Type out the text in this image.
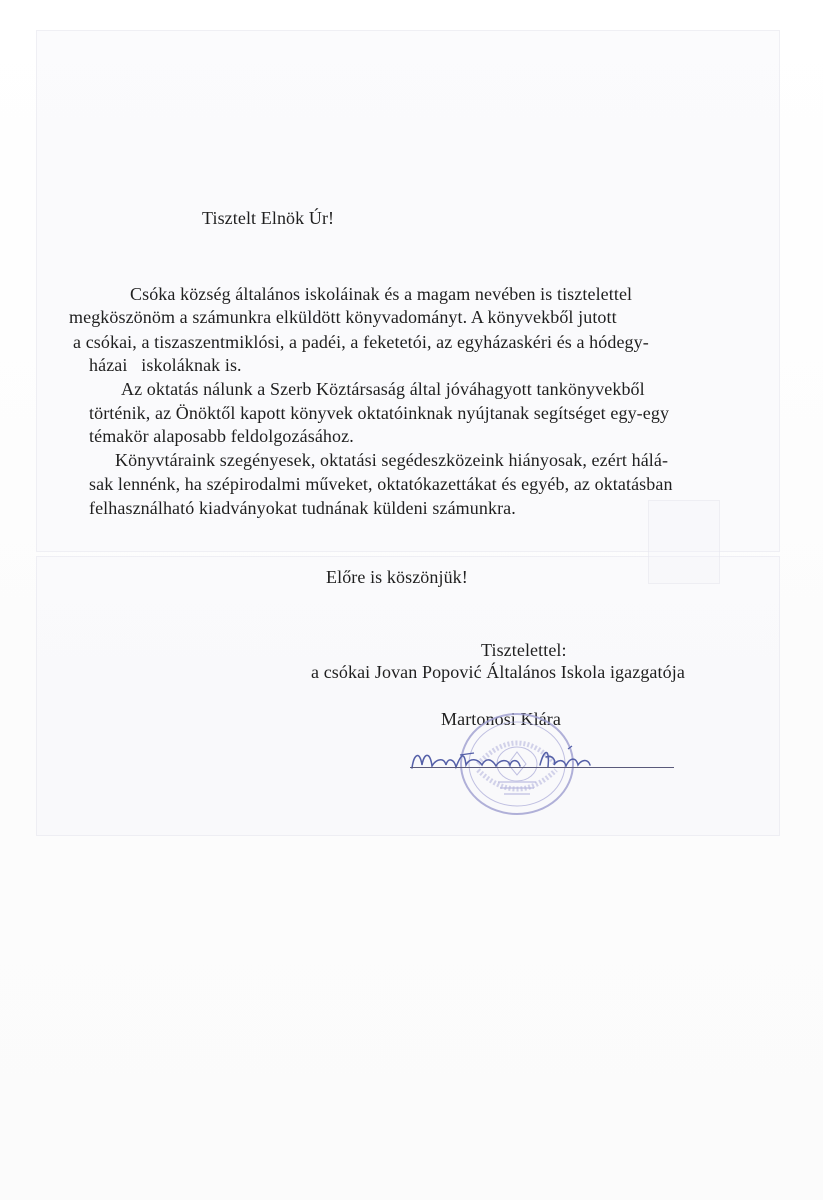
Tisztelt Elnök Úr!
Csóka község általános iskoláinak és a magam nevében is tisztelettel
megköszönöm a számunkra elküldött könyvadományt. A könyvekből jutott
a csókai, a tiszaszentmiklósi, a padéi, a feketetói, az egyházaskéri és a hódegy-
házai   iskoláknak is.
Az oktatás nálunk a Szerb Köztársaság által jóváhagyott tankönyvekből
történik, az Önöktől kapott könyvek oktatóinknak nyújtanak segítséget egy-egy
témakör alaposabb feldolgozásához.
Könyvtáraink szegényesek, oktatási segédeszközeink hiányosak, ezért hálá-
sak lennénk, ha szépirodalmi műveket, oktatókazettákat és egyéb, az oktatásban
felhasználható kiadványokat tudnának küldeni számunkra.
Előre is köszönjük!
Tisztelettel:
a csókai Jovan Popović Általános Iskola igazgatója
Martonosi Klára
